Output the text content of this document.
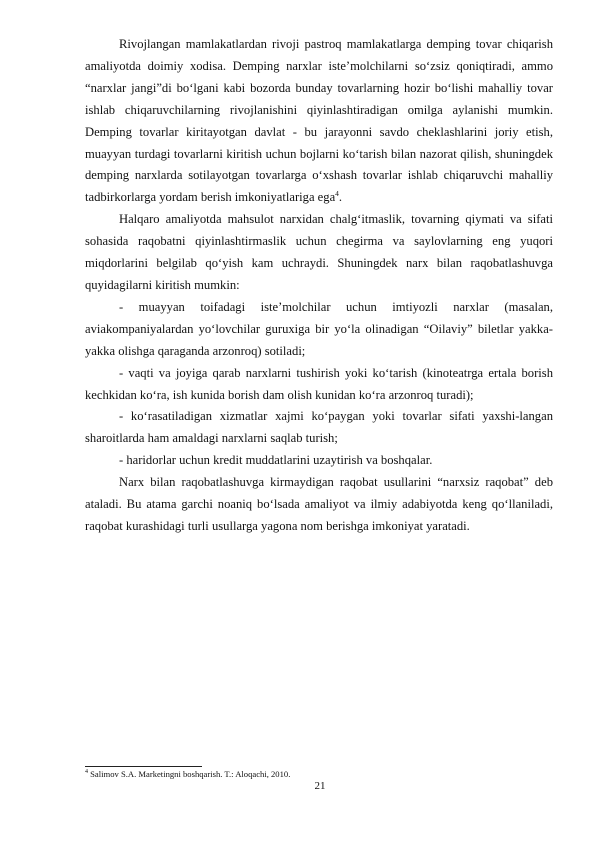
Rivojlangan mamlakatlardan rivoji pastroq mamlakatlarga demping tovar chiqarish amaliyotda doimiy xodisa. Demping narxlar iste’molchilarni so‘zsiz qoniqtiradi, ammo “narxlar jangi”di bo‘lgani kabi bozorda bunday tovarlarning hozir bo‘lishi mahalliy tovar ishlab chiqaruvchilarning rivojlanishini qiyinlashtiradigan omilga aylanishi mumkin. Demping tovarlar kiritayotgan davlat - bu jarayonni savdo cheklashlarini joriy etish, muayyan turdagi tovarlarni kiritish uchun bojlarni ko‘tarish bilan nazorat qilish, shuningdek demping narxlarda sotilayotgan tovarlarga o‘xshash tovarlar ishlab chiqaruvchi mahalliy tadbirkorlarga yordam berish imkoniyatlariga ega$^4$.

Halqaro amaliyotda mahsulot narxidan chalg‘itmaslik, tovarning qiymati va sifati sohasida raqobatni qiyinlashtirmaslik uchun chegirma va saylovlarning eng yuqori miqdorlarini belgilab qo‘yish kam uchraydi. Shuningdek narx bilan raqobatlashuvga quyidagilarni kiritish mumkin:

- muayyan toifadagi iste’molchilar uchun imtiyozli narxlar (masalan, aviakompaniyalardan yo‘lovchilar guruxiga bir yo‘la olinadigan “Oilaviy” biletlar yakka-yakka olishga qaraganda arzonroq) sotiladi;

- vaqti va joyiga qarab narxlarni tushirish yoki ko‘tarish (kinoteatrga ertala borish kechkidan ko‘ra, ish kunida borish dam olish kunidan ko‘ra arzonroq turadi);

- ko‘rasatiladigan xizmatlar xajmi ko‘paygan yoki tovarlar sifati yaxshi-langan sharoitlarda ham amaldagi narxlarni saqlab turish;

- haridorlar uchun kredit muddatlarini uzaytirish va boshqalar.

Narx bilan raqobatlashuvga kirmaydigan raqobat usullarini “narxsiz raqobat” deb ataladi. Bu atama garchi noaniq bo‘lsada amaliyot va ilmiy adabiyotda keng qo‘llaniladi, raqobat kurashidagi turli usullarga yagona nom berishga imkoniyat yaratadi.

$^4$ Salimov S.A. Marketingni boshqarish. T.: Aloqachi, 2010.
21
